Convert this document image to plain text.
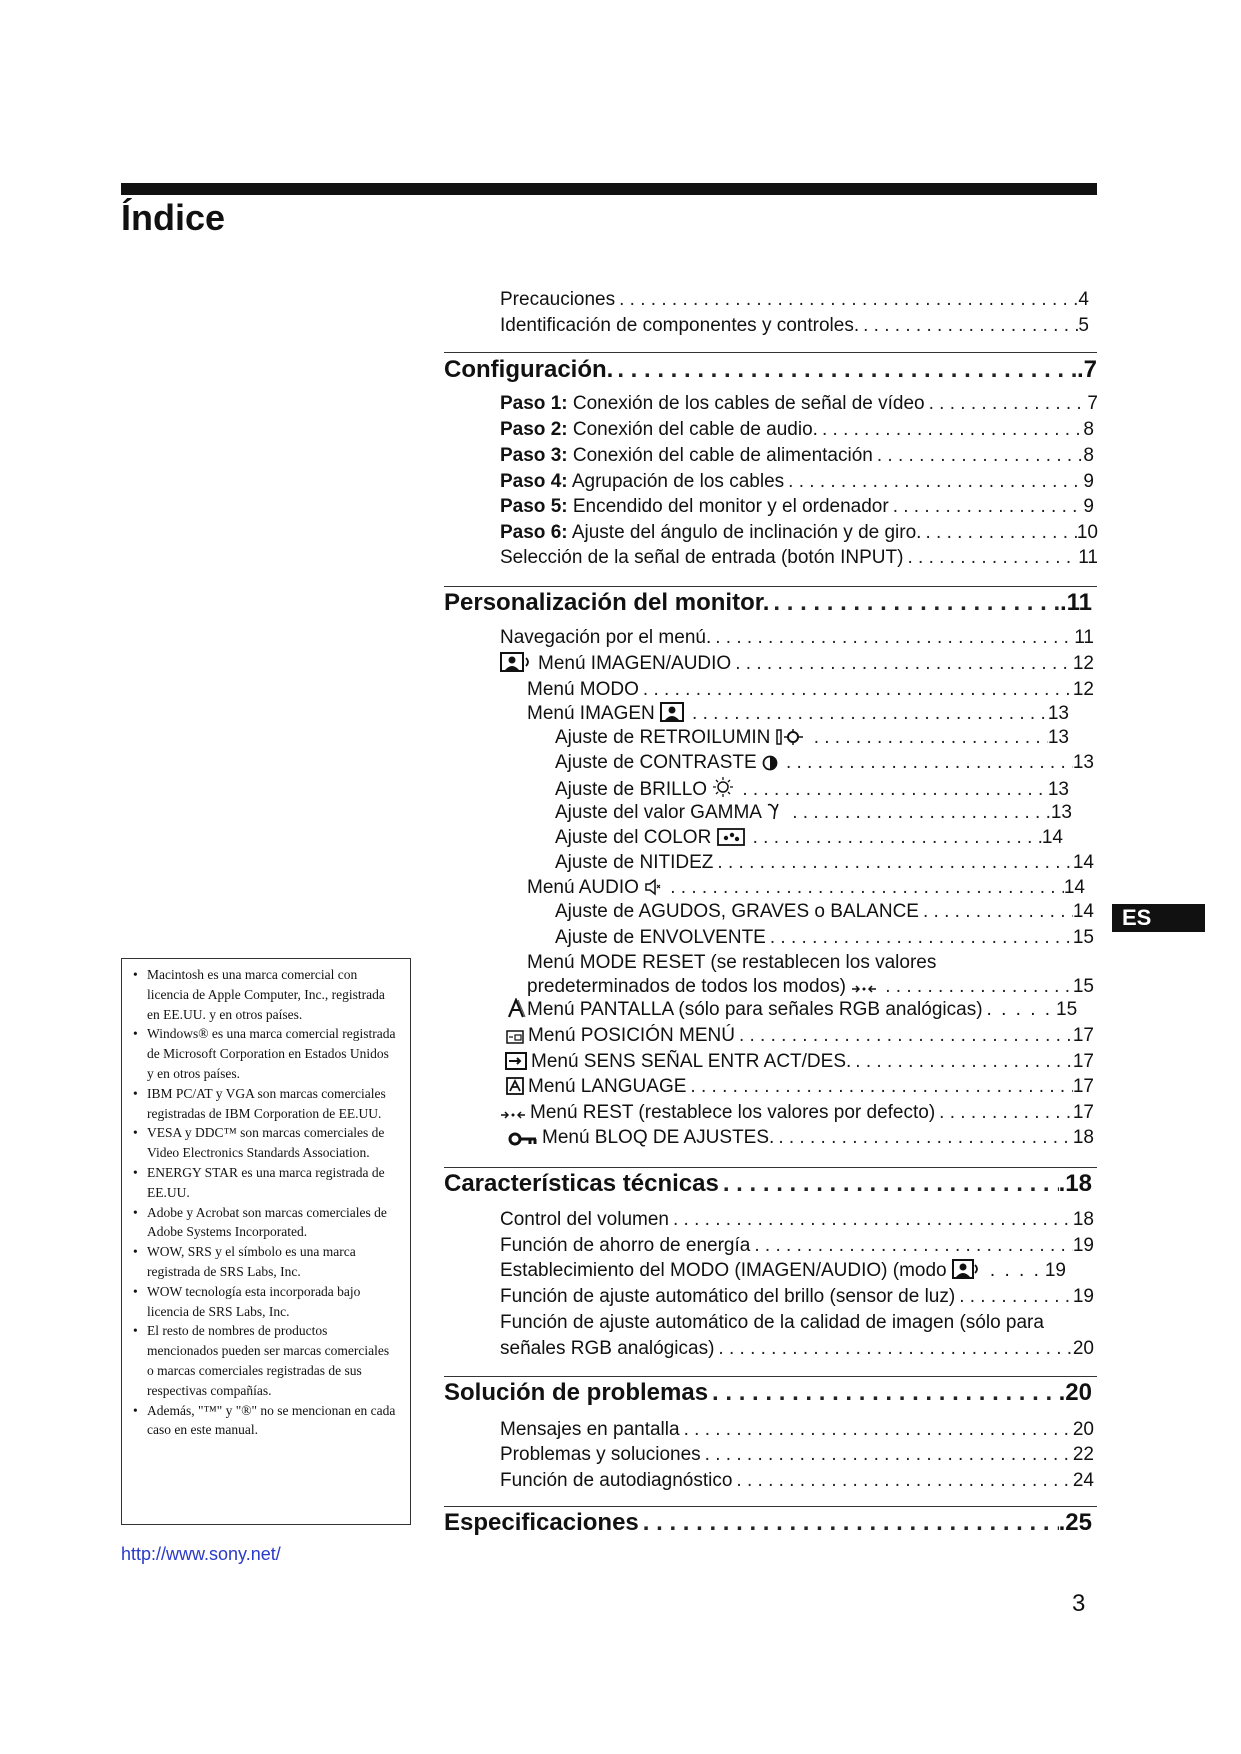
Índice
Precauciones . . .	4
Identificación de componentes y controles. . . .	5
Configuración. . . .	.7
Paso 1: Conexión de los cables de señal de vídeo . . .	7
Paso 2: Conexión del cable de audio. . . .	8
Paso 3: Conexión del cable de alimentación . . .	8
Paso 4: Agrupación de los cables . . .	9
Paso 5: Encendido del monitor y el ordenador . . .	9
Paso 6: Ajuste del ángulo de inclinación y de giro. . . .	10
Selección de la señal de entrada (botón INPUT) . . .	11
Personalización del monitor. . . .	.11
Navegación por el menú. . . .	11
Menú IMAGEN/AUDIO . . .	12
Menú MODO . . .	12
Menú IMAGEN . . .	13
Ajuste de RETROILUMIN . . .	13
Ajuste de CONTRASTE . . .	13
Ajuste de BRILLO . . .	13
Ajuste del valor GAMMA . . .	13
Ajuste del COLOR . . .	14
Ajuste de NITIDEZ . . .	14
Menú AUDIO . . .	14
Ajuste de AGUDOS, GRAVES o BALANCE . . .	14
Ajuste de ENVOLVENTE . . .	15
Menú MODE RESET (se restablecen los valores
predeterminados de todos los modos) . . .	15
Menú PANTALLA (sólo para señales RGB analógicas) . . . . . 15
Menú POSICIÓN MENÚ . . .	17
Menú SENS SEÑAL ENTR ACT/DES. . . .	17
Menú LANGUAGE . . .	17
Menú REST (restablece los valores por defecto) . . .	17
Menú BLOQ DE AJUSTES. . . .	18
Características técnicas . . .	.18
Control del volumen . . .	18
Función de ahorro de energía . . .	19
Establecimiento del MODO (IMAGEN/AUDIO) (modo	. . . . 19
Función de ajuste automático del brillo (sensor de luz) . . .	19
Función de ajuste automático de la calidad de imagen (sólo para
señales RGB analógicas) . . .	20
Solución de problemas . . .	.20
Mensajes en pantalla . . .	20
Problemas y soluciones . . .	22
Función de autodiagnóstico . . .	24
Especificaciones . . .	.25
• Macintosh es una marca comercial con licencia de Apple Computer, Inc., registrada en EE.UU. y en otros países.
• Windows® es una marca comercial registrada de Microsoft Corporation en Estados Unidos y en otros países.
• IBM PC/AT y VGA son marcas comerciales registradas de IBM Corporation de EE.UU.
• VESA y DDC™ son marcas comerciales de Video Electronics Standards Association.
• ENERGY STAR es una marca registrada de EE.UU.
• Adobe y Acrobat son marcas comerciales de Adobe Systems Incorporated.
• WOW, SRS y el símbolo es una marca registrada de SRS Labs, Inc.
• WOW tecnología esta incorporada bajo licencia de SRS Labs, Inc.
• El resto de nombres de productos mencionados pueden ser marcas comerciales o marcas comerciales registradas de sus respectivas compañías.
• Además, "™" y "®" no se mencionan en cada caso en este manual.
http://www.sony.net/
ES
3
